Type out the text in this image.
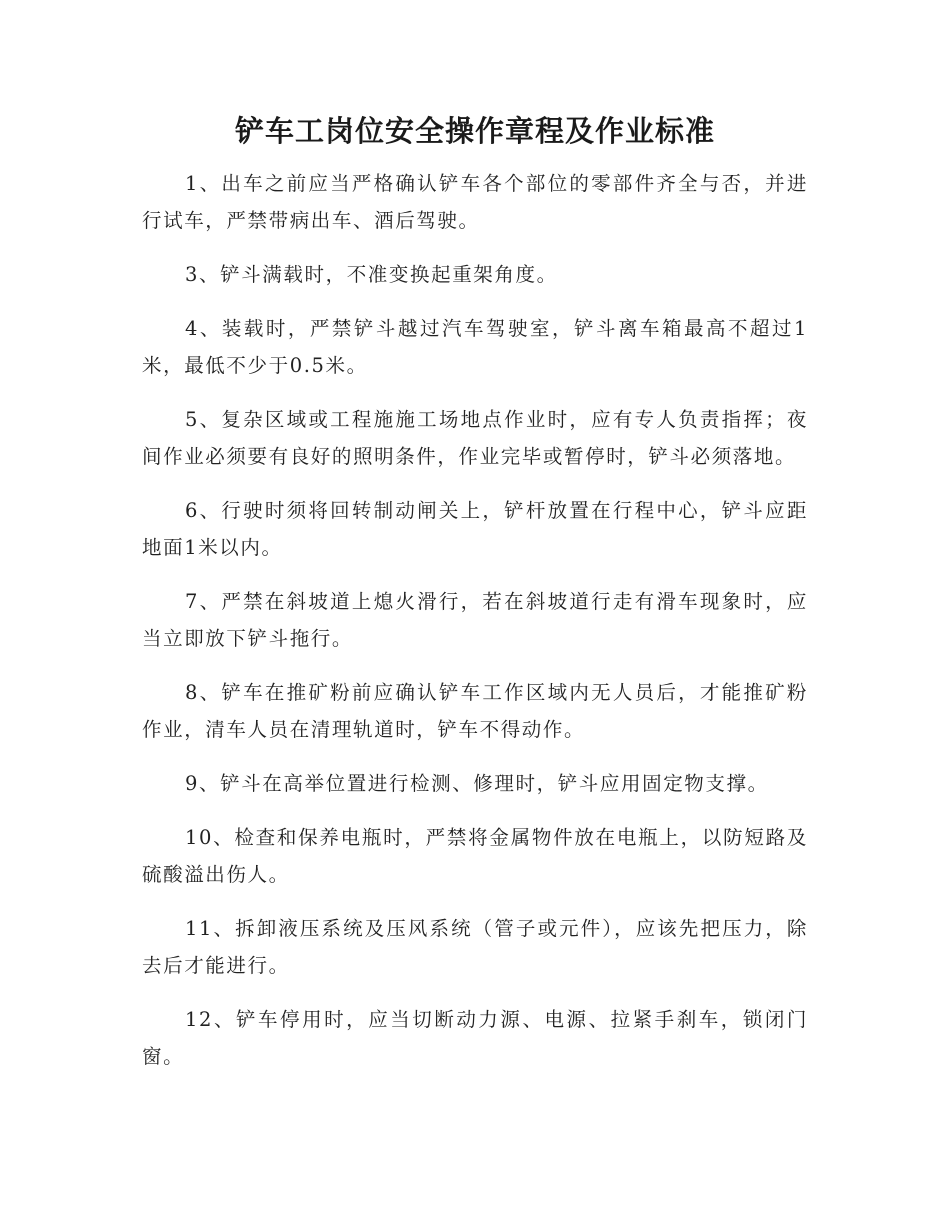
铲车工岗位安全操作章程及作业标准

1、出车之前应当严格确认铲车各个部位的零部件齐全与否，并进行试车，严禁带病出车、酒后驾驶。

3、铲斗满载时，不准变换起重架角度。

4、装载时，严禁铲斗越过汽车驾驶室，铲斗离车箱最高不超过1米，最低不少于0.5米。

5、复杂区域或工程施施工场地点作业时，应有专人负责指挥；夜间作业必须要有良好的照明条件，作业完毕或暂停时，铲斗必须落地。

6、行驶时须将回转制动闸关上，铲杆放置在行程中心，铲斗应距地面1米以内。

7、严禁在斜坡道上熄火滑行，若在斜坡道行走有滑车现象时，应当立即放下铲斗拖行。

8、铲车在推矿粉前应确认铲车工作区域内无人员后，才能推矿粉作业，清车人员在清理轨道时，铲车不得动作。

9、铲斗在高举位置进行检测、修理时，铲斗应用固定物支撑。

10、检查和保养电瓶时，严禁将金属物件放在电瓶上，以防短路及硫酸溢出伤人。

11、拆卸液压系统及压风系统（管子或元件），应该先把压力，除去后才能进行。

12、铲车停用时，应当切断动力源、电源、拉紧手刹车，锁闭门窗。
